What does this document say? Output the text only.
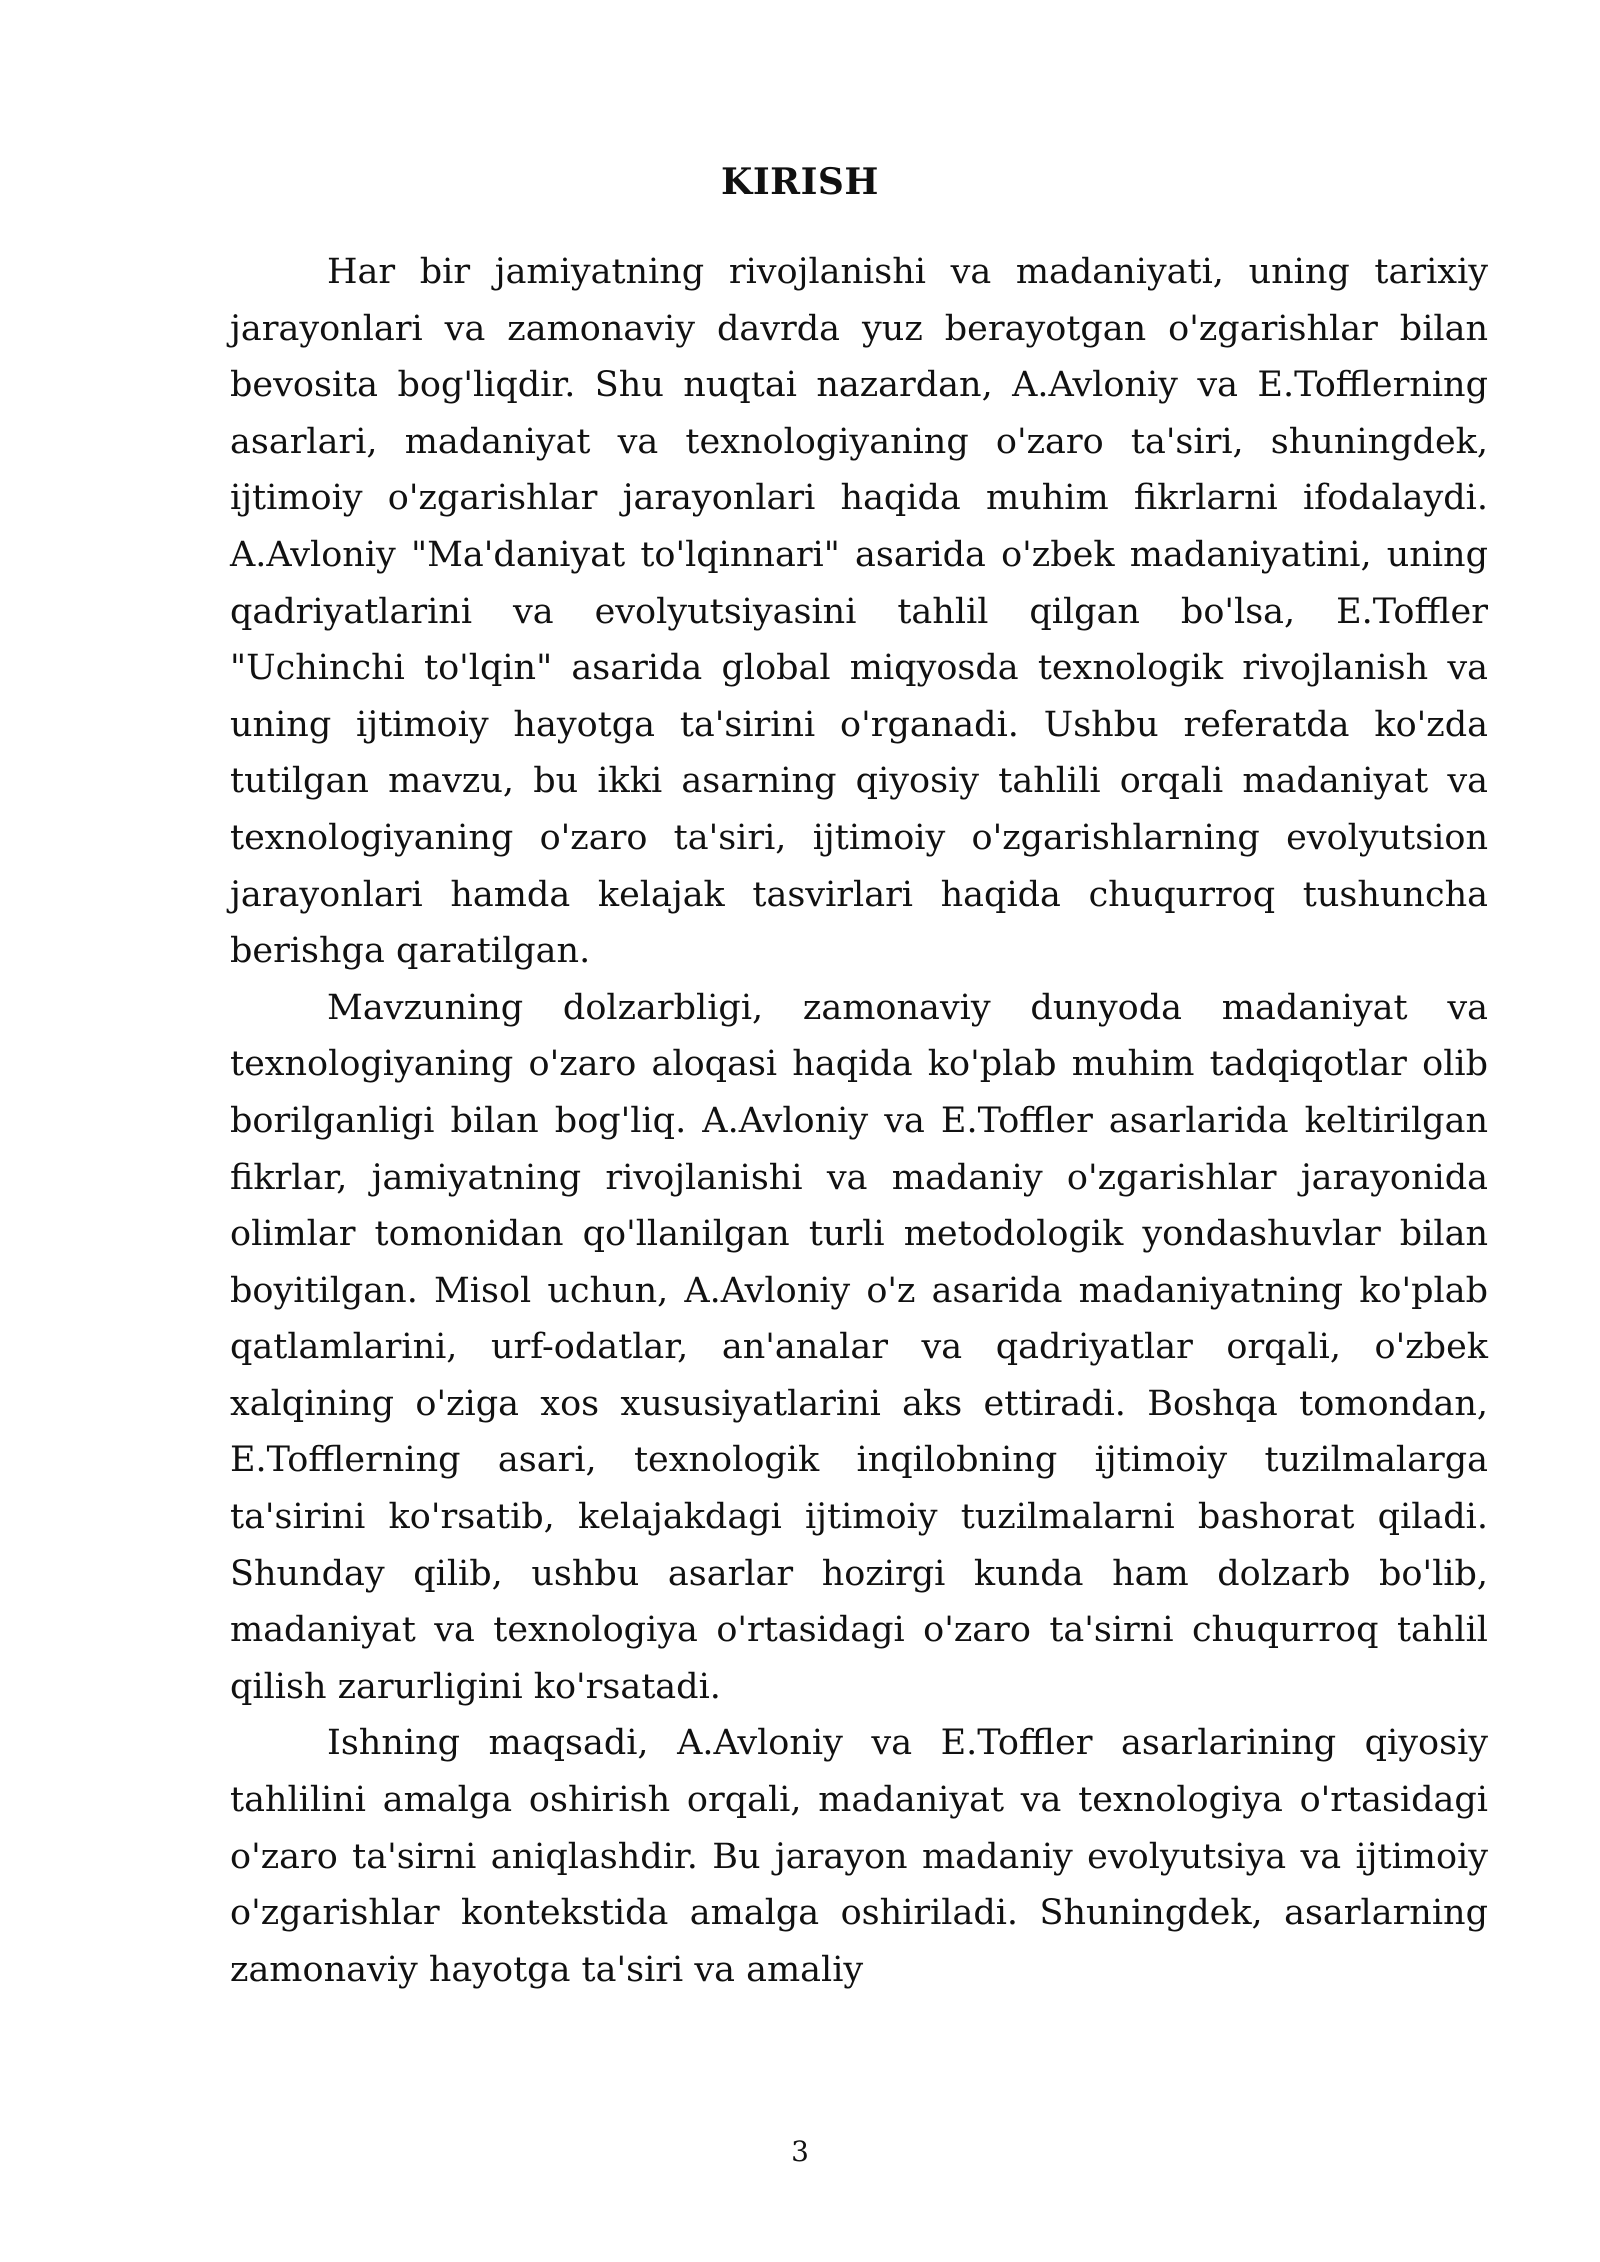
KIRISH

Har bir jamiyatning rivojlanishi va madaniyati, uning tarixiy jarayonlari va zamonaviy davrda yuz berayotgan o'zgarishlar bilan bevosita bog'liqdir. Shu nuqtai nazardan, A.Avloniy va E.Tofflerning asarlari, madaniyat va texnologiyaning o'zaro ta'siri, shuningdek, ijtimoiy o'zgarishlar jarayonlari haqida muhim fikrlarni ifodalaydi. A.Avloniy "Ma'daniyat to'lqinnari" asarida o'zbek madaniyatini, uning qadriyatlarini va evolyutsiyasini tahlil qilgan bo'lsa, E.Toffler "Uchinchi to'lqin" asarida global miqyosda texnologik rivojlanish va uning ijtimoiy hayotga ta'sirini o'rganadi. Ushbu referatda ko'zda tutilgan mavzu, bu ikki asarning qiyosiy tahlili orqali madaniyat va texnologiyaning o'zaro ta'siri, ijtimoiy o'zgarishlarning evolyutsion jarayonlari hamda kelajak tasvirlari haqida chuqurroq tushuncha berishga qaratilgan.

Mavzuning dolzarbligi, zamonaviy dunyoda madaniyat va texnologiyaning o'zaro aloqasi haqida ko'plab muhim tadqiqotlar olib borilganligi bilan bog'liq. A.Avloniy va E.Toffler asarlarida keltirilgan fikrlar, jamiyatning rivojlanishi va madaniy o'zgarishlar jarayonida olimlar tomonidan qo'llanilgan turli metodologik yondashuvlar bilan boyitilgan. Misol uchun, A.Avloniy o'z asarida madaniyatning ko'plab qatlamlarini, urf-odatlar, an'analar va qadriyatlar orqali, o'zbek xalqining o'ziga xos xususiyatlarini aks ettiradi. Boshqa tomondan, E.Tofflerning asari, texnologik inqilobning ijtimoiy tuzilmalarga ta'sirini ko'rsatib, kelajakdagi ijtimoiy tuzilmalarni bashorat qiladi. Shunday qilib, ushbu asarlar hozirgi kunda ham dolzarb bo'lib, madaniyat va texnologiya o'rtasidagi o'zaro ta'sirni chuqurroq tahlil qilish zarurligini ko'rsatadi.

Ishning maqsadi, A.Avloniy va E.Toffler asarlarining qiyosiy tahlilini amalga oshirish orqali, madaniyat va texnologiya o'rtasidagi o'zaro ta'sirni aniqlashdir. Bu jarayon madaniy evolyutsiya va ijtimoiy o'zgarishlar kontekstida amalga oshiriladi. Shuningdek, asarlarning zamonaviy hayotga ta'siri va amaliy

3
